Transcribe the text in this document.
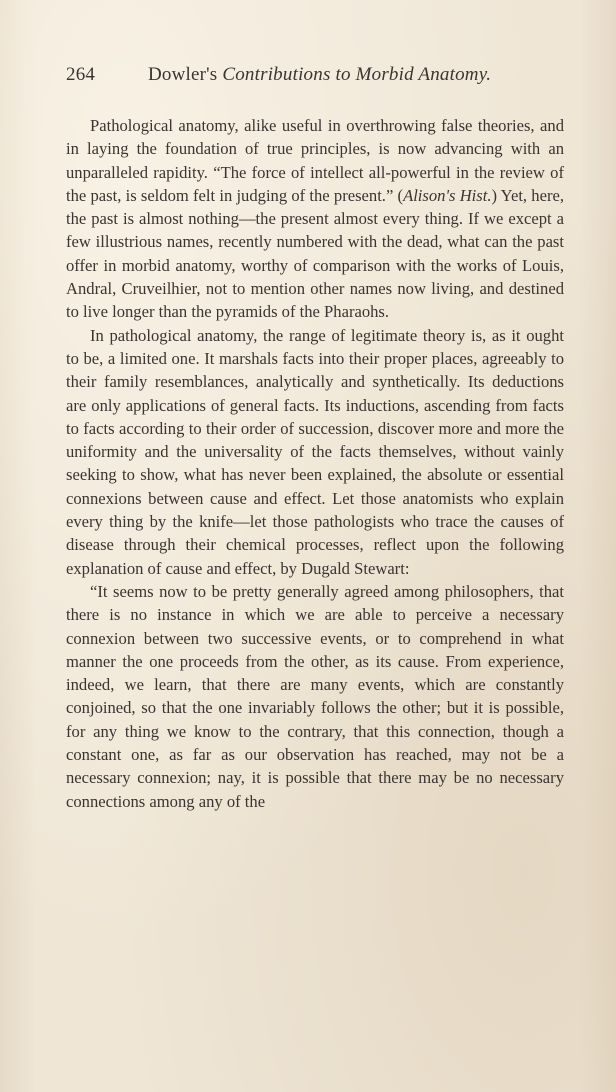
264	Dowler's Contributions to Morbid Anatomy.

Pathological anatomy, alike useful in overthrowing false theories, and in laying the foundation of true principles, is now advancing with an unparalleled rapidity. “The force of intellect all-powerful in the review of the past, is seldom felt in judging of the present.” (Alison's Hist.) Yet, here, the past is almost nothing—the present almost every thing. If we except a few illustrious names, recently numbered with the dead, what can the past offer in morbid anatomy, worthy of comparison with the works of Louis, Andral, Cruveilhier, not to mention other names now living, and destined to live longer than the pyramids of the Pharaohs.

In pathological anatomy, the range of legitimate theory is, as it ought to be, a limited one. It marshals facts into their proper places, agreeably to their family resemblances, analytically and synthetically. Its deductions are only applications of general facts. Its inductions, ascending from facts to facts according to their order of succession, discover more and more the uniformity and the universality of the facts themselves, without vainly seeking to show, what has never been explained, the absolute or essential connexions between cause and effect. Let those anatomists who explain every thing by the knife—let those pathologists who trace the causes of disease through their chemical processes, reflect upon the following explanation of cause and effect, by Dugald Stewart:

“It seems now to be pretty generally agreed among philosophers, that there is no instance in which we are able to perceive a necessary connexion between two successive events, or to comprehend in what manner the one proceeds from the other, as its cause. From experience, indeed, we learn, that there are many events, which are constantly conjoined, so that the one invariably follows the other; but it is possible, for any thing we know to the contrary, that this connection, though a constant one, as far as our observation has reached, may not be a necessary connexion; nay, it is possible that there may be no necessary connections among any of the
